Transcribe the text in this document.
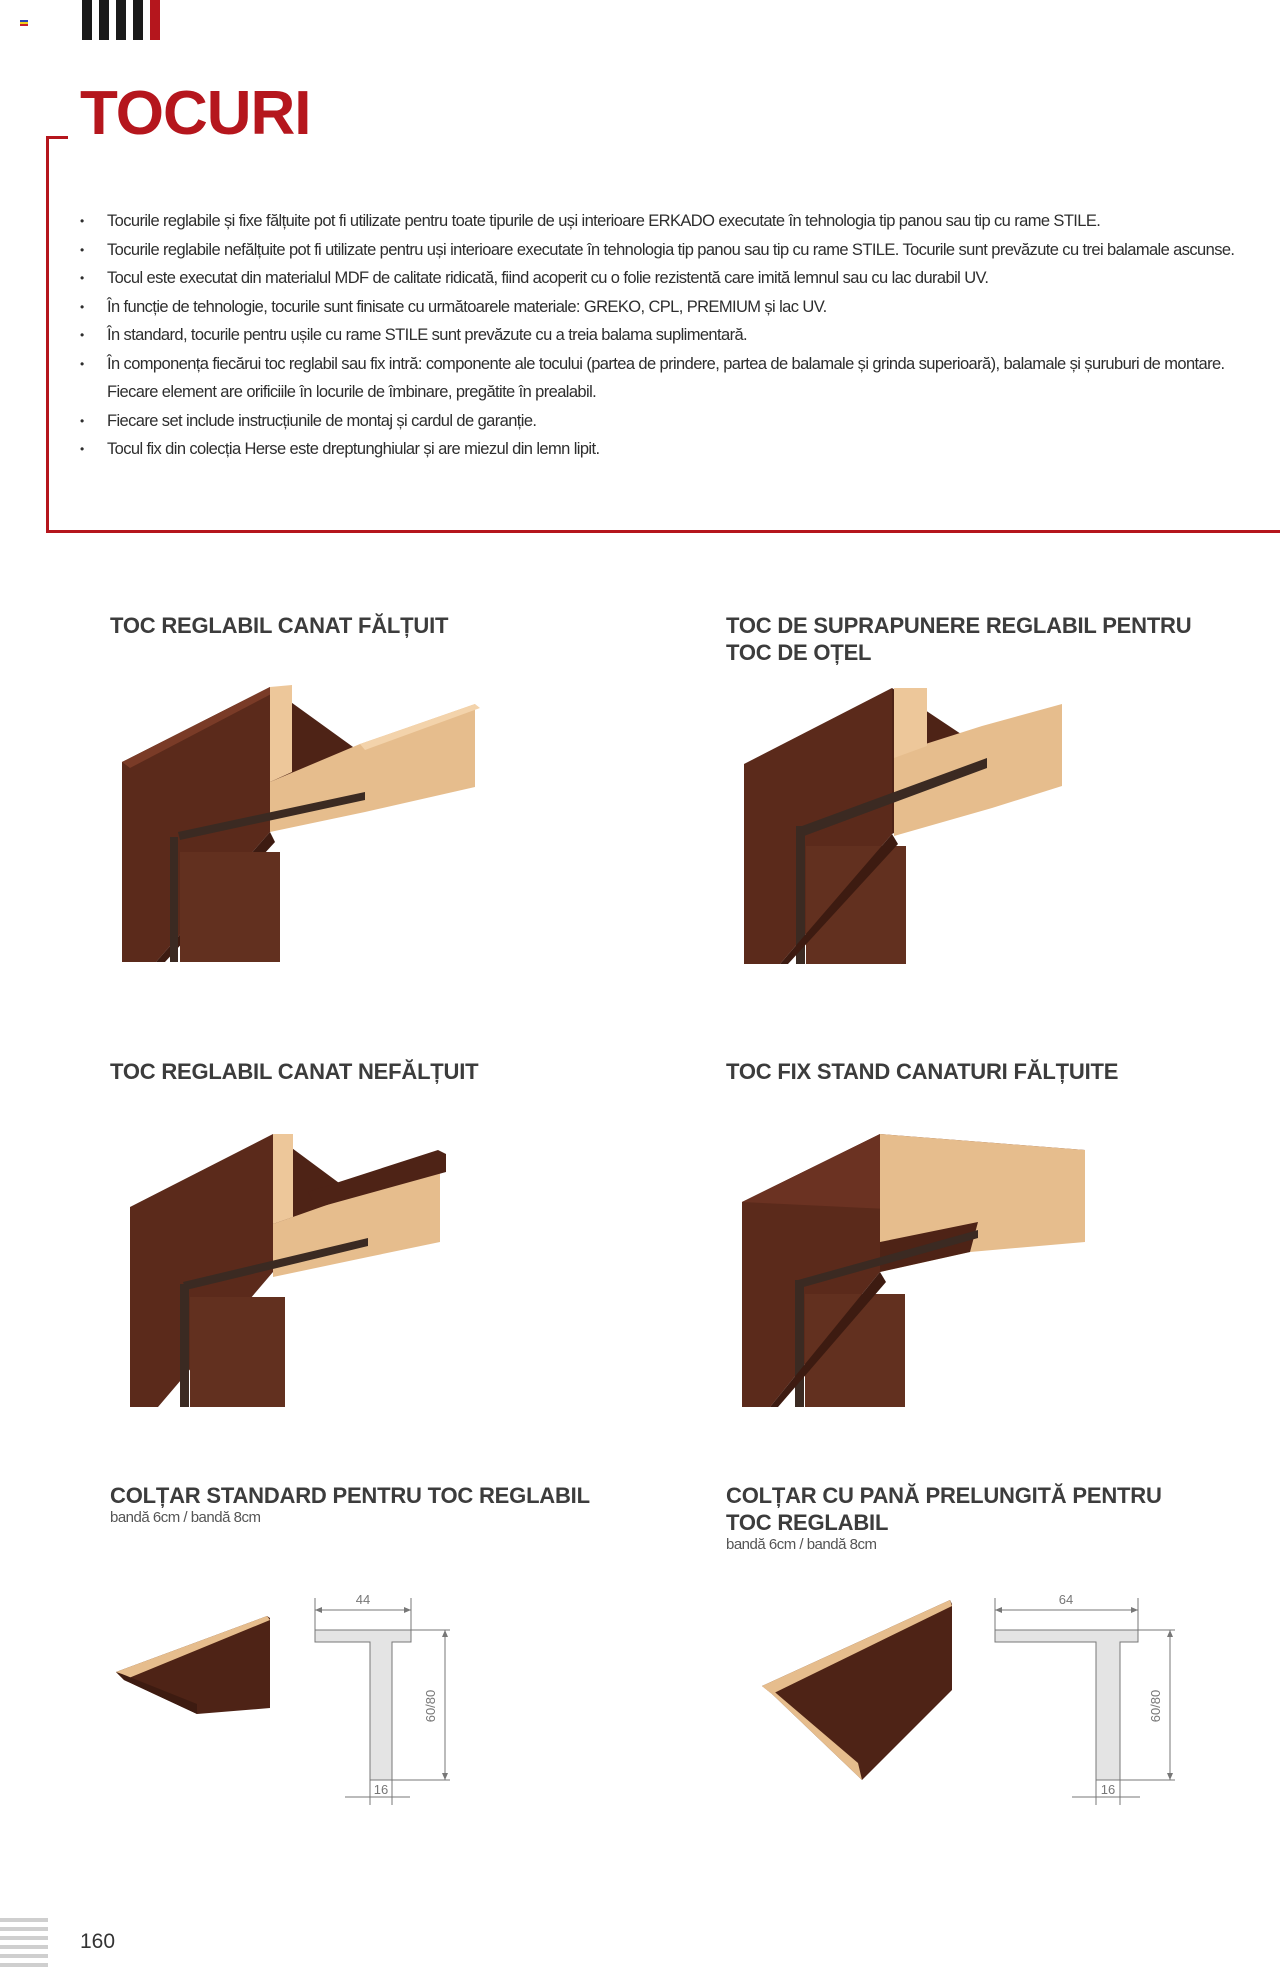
TOCURI
• Tocurile reglabile și fixe fălțuite pot fi utilizate pentru toate tipurile de uși interioare ERKADO executate în tehnologia tip panou sau tip cu rame STILE.
• Tocurile reglabile nefălțuite pot fi utilizate pentru uși interioare executate în tehnologia tip panou sau tip cu rame STILE. Tocurile sunt prevăzute cu trei balamale ascunse.
• Tocul este executat din materialul MDF de calitate ridicată, fiind acoperit cu o folie rezistentă care imită lemnul sau cu lac durabil UV.
• În funcție de tehnologie, tocurile sunt finisate cu următoarele materiale: GREKO, CPL, PREMIUM și lac UV.
• În standard, tocurile pentru ușile cu rame STILE sunt prevăzute cu a treia balama suplimentară.
• În componența fiecărui toc reglabil sau fix intră: componente ale tocului (partea de prindere, partea de balamale și grinda superioară), balamale și șuruburi de montare. Fiecare element are orificiile în locurile de îmbinare, pregătite în prealabil.
• Fiecare set include instrucțiunile de montaj și cardul de garanție.
• Tocul fix din colecția Herse este dreptunghiular și are miezul din lemn lipit.
TOC REGLABIL CANAT FĂLȚUIT	TOC DE SUPRAPUNERE REGLABIL PENTRU
TOC DE OȚEL
TOC REGLABIL CANAT NEFĂLȚUIT	TOC FIX STAND CANATURI FĂLȚUITE
COLȚAR STANDARD PENTRU TOC REGLABIL
bandă 6cm / bandă 8cm
44
60/80
16
COLȚAR CU PANĂ PRELUNGITĂ PENTRU
TOC REGLABIL
bandă 6cm / bandă 8cm
64
60/80
16
160
